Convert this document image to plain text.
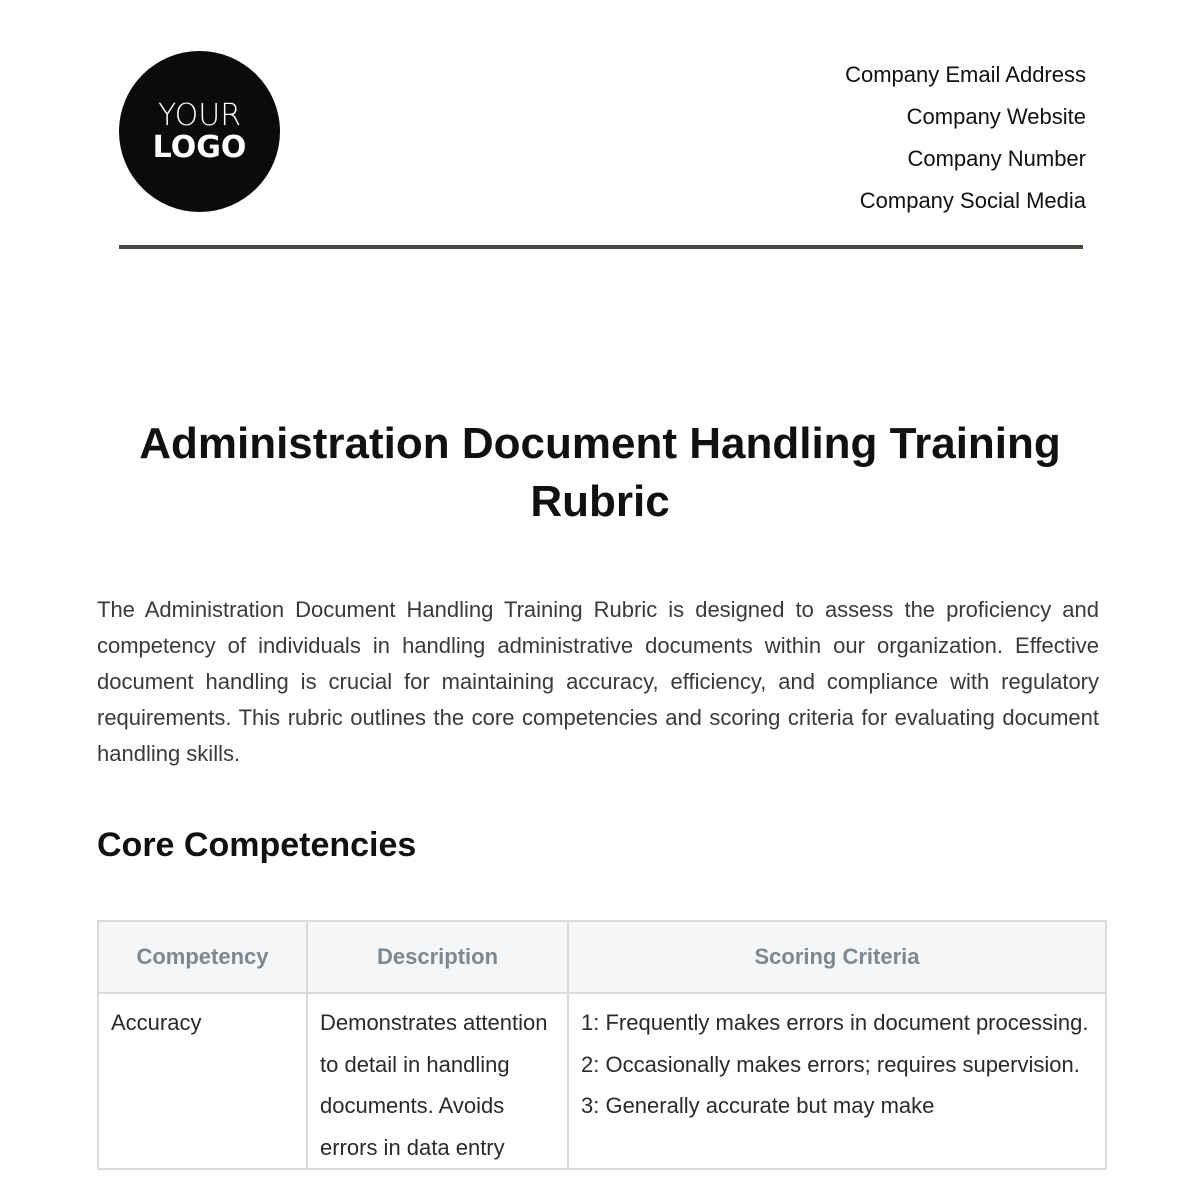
YOUR
LOGO
Company Email Address
Company Website
Company Number
Company Social Media
Administration Document Handling Training Rubric

The Administration Document Handling Training Rubric is designed to assess the proficiency and competency of individuals in handling administrative documents within our organization. Effective document handling is crucial for maintaining accuracy, efficiency, and compliance with regulatory requirements. This rubric outlines the core competencies and scoring criteria for evaluating document handling skills.

Core Competencies
Competency	Description	Scoring Criteria
Accuracy	Demonstrates attention to detail in handling documents. Avoids errors in data entry	1: Frequently makes errors in document processing.
2: Occasionally makes errors; requires supervision.
3: Generally accurate but may make
